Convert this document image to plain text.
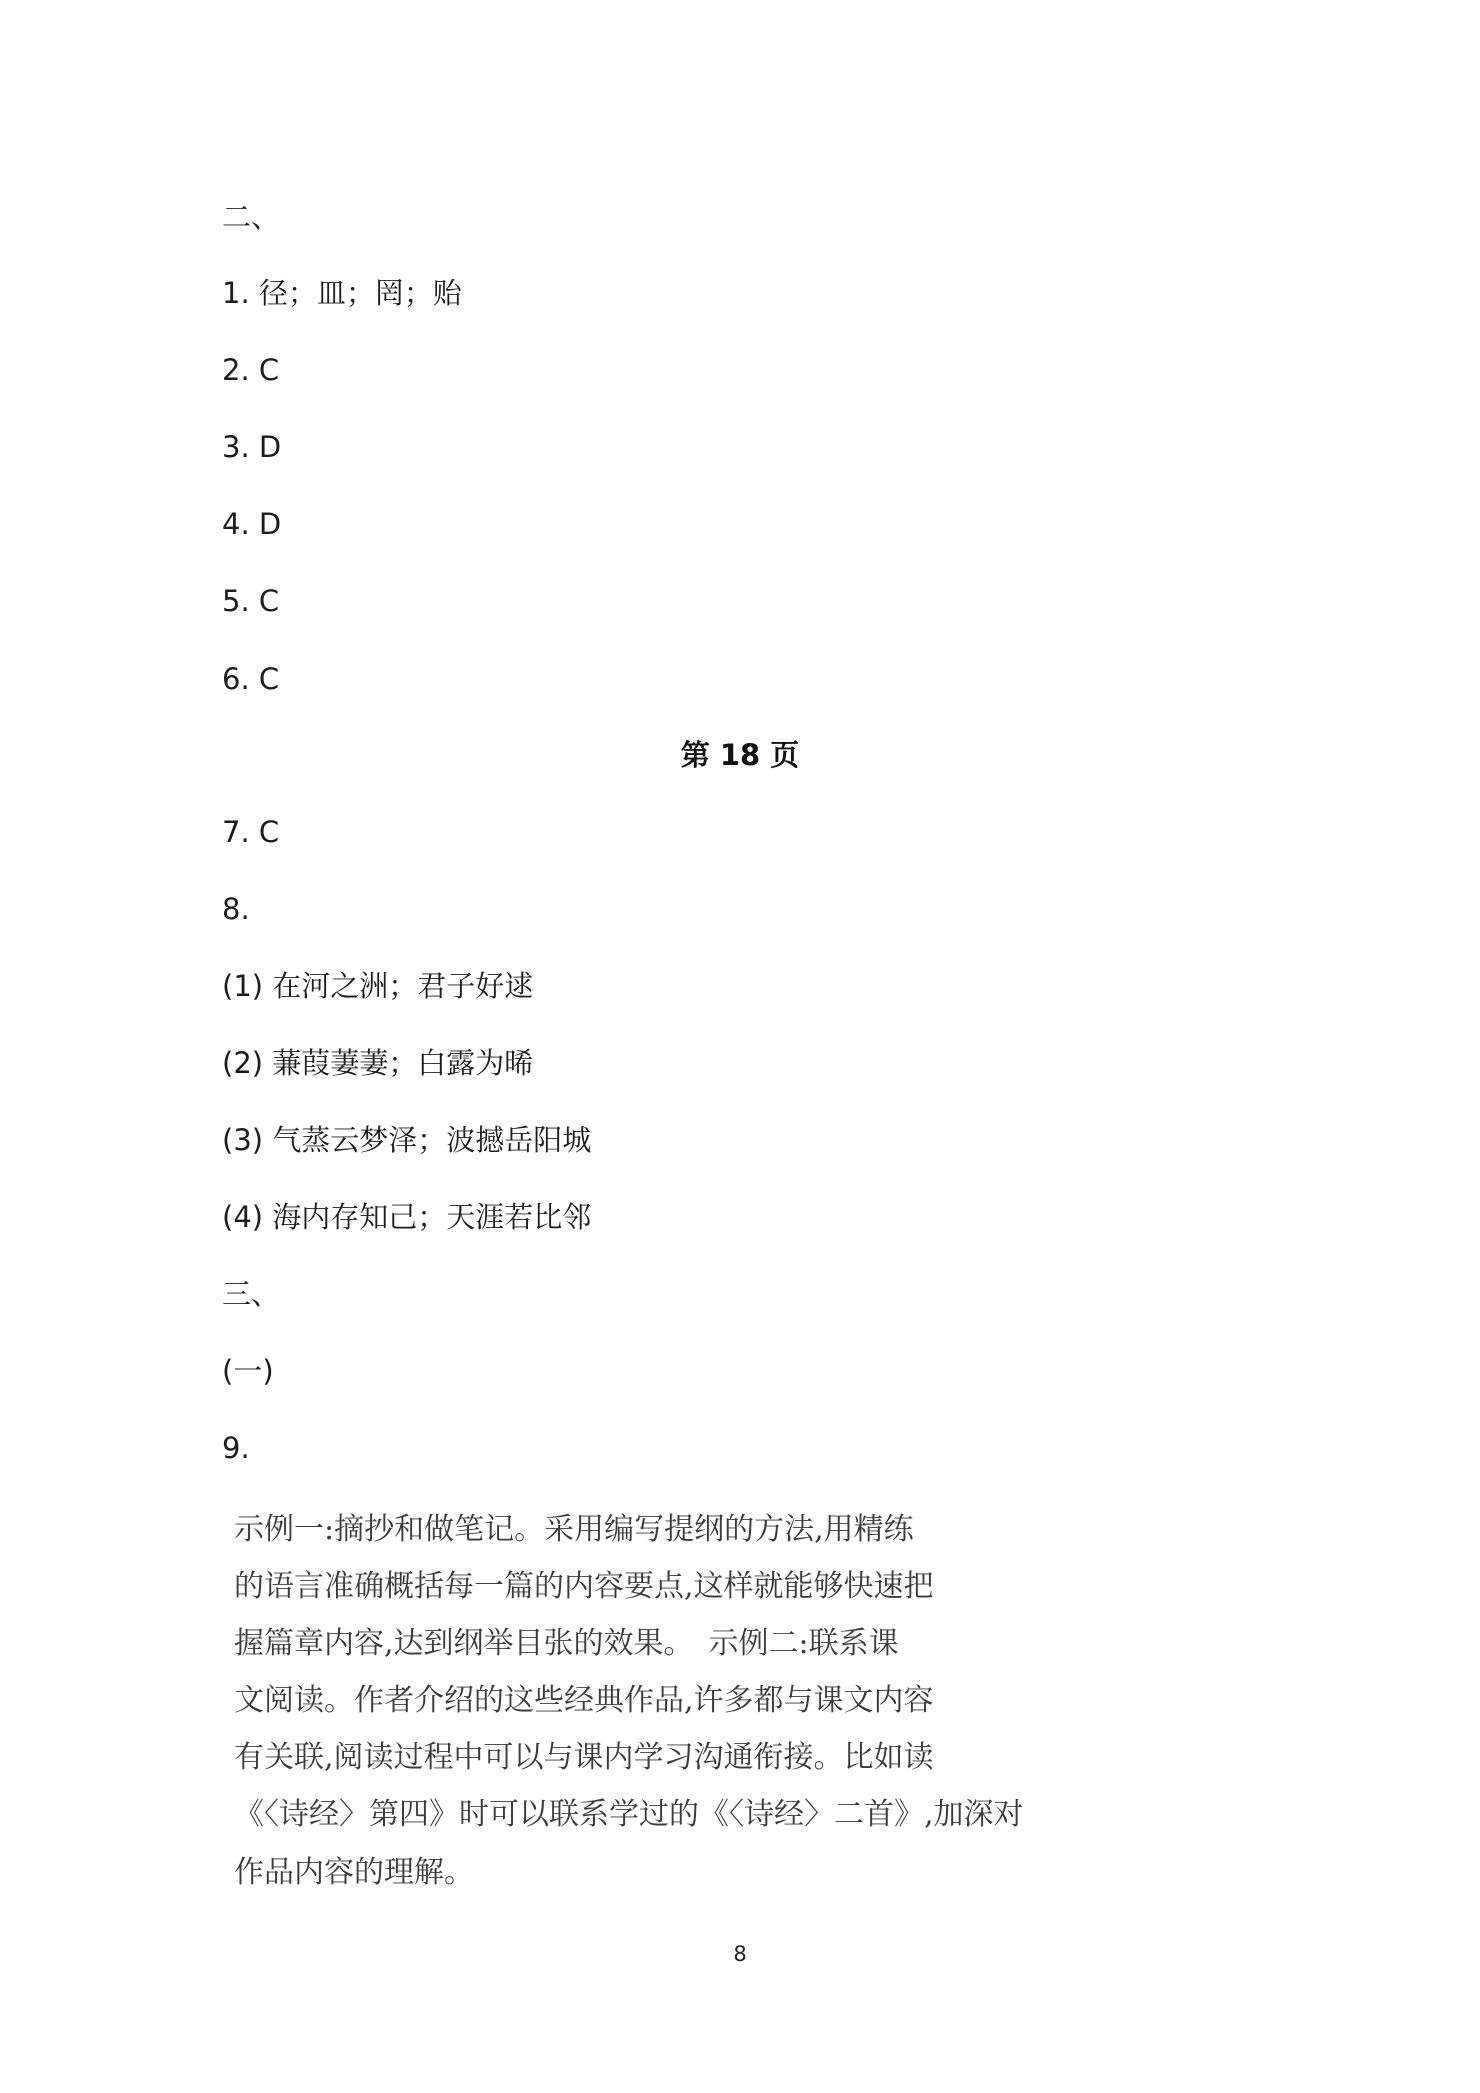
二、
1. 径；皿；罔；贻
2. C
3. D
4. D
5. C
6. C
第 18 页
7. C
8.
(1) 在河之洲；君子好逑
(2) 蒹葭萋萋；白露为晞
(3) 气蒸云梦泽；波撼岳阳城
(4) 海内存知己；天涯若比邻
三、
(一)
9.
示例一:摘抄和做笔记。采用编写提纲的方法,用精练
的语言准确概括每一篇的内容要点,这样就能够快速把
握篇章内容,达到纲举目张的效果。　示例二:联系课
文阅读。作者介绍的这些经典作品,许多都与课文内容
有关联,阅读过程中可以与课内学习沟通衔接。比如读
《〈诗经〉第四》时可以联系学过的《〈诗经〉二首》,加深对
作品内容的理解。
8
